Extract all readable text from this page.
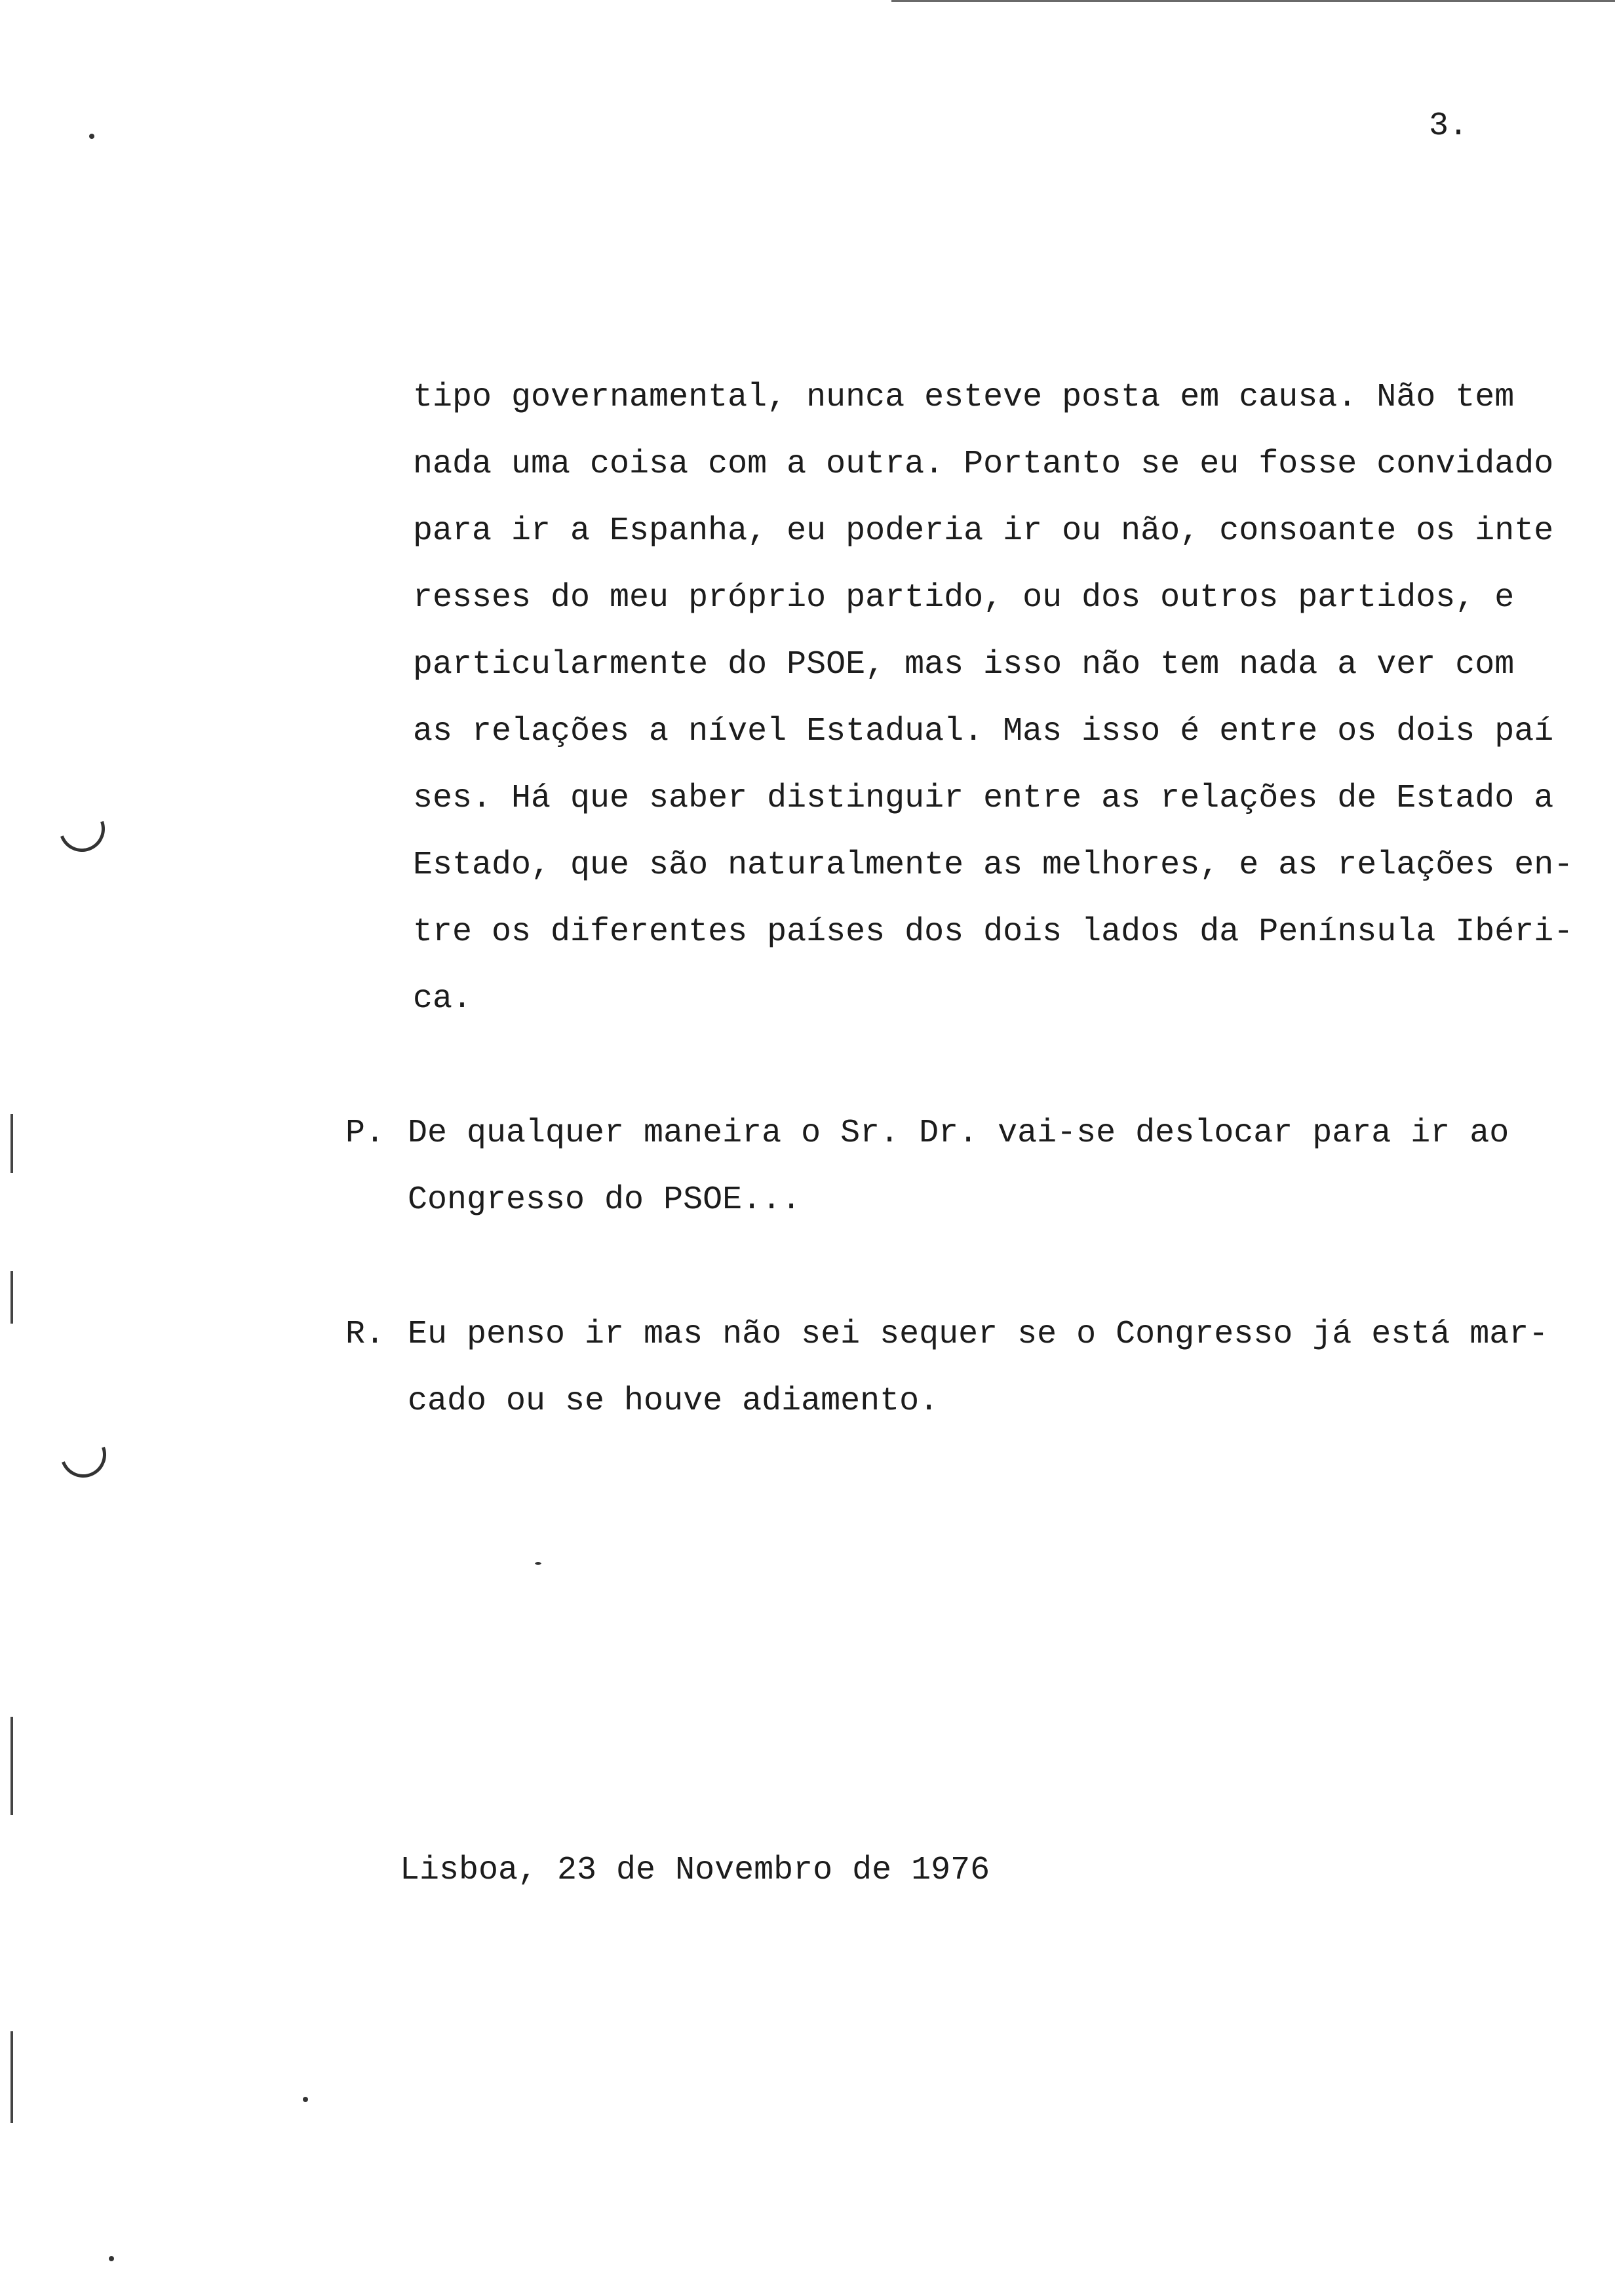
3.
tipo governamental, nunca esteve posta em causa. Não tem
nada uma coisa com a outra. Portanto se eu fosse convidado
para ir a Espanha, eu poderia ir ou não, consoante os inte
resses do meu próprio partido, ou dos outros partidos, e
particularmente do PSOE, mas isso não tem nada a ver com
as relações a nível Estadual. Mas isso é entre os dois paí
ses. Há que saber distinguir entre as relações de Estado a
Estado, que são naturalmente as melhores, e as relações en-
tre os diferentes países dos dois lados da Península Ibéri-
ca.
P. De qualquer maneira o Sr. Dr. vai-se deslocar para ir ao
Congresso do PSOE...
R. Eu penso ir mas não sei sequer se o Congresso já está mar-
cado ou se houve adiamento.
Lisboa, 23 de Novembro de 1976
